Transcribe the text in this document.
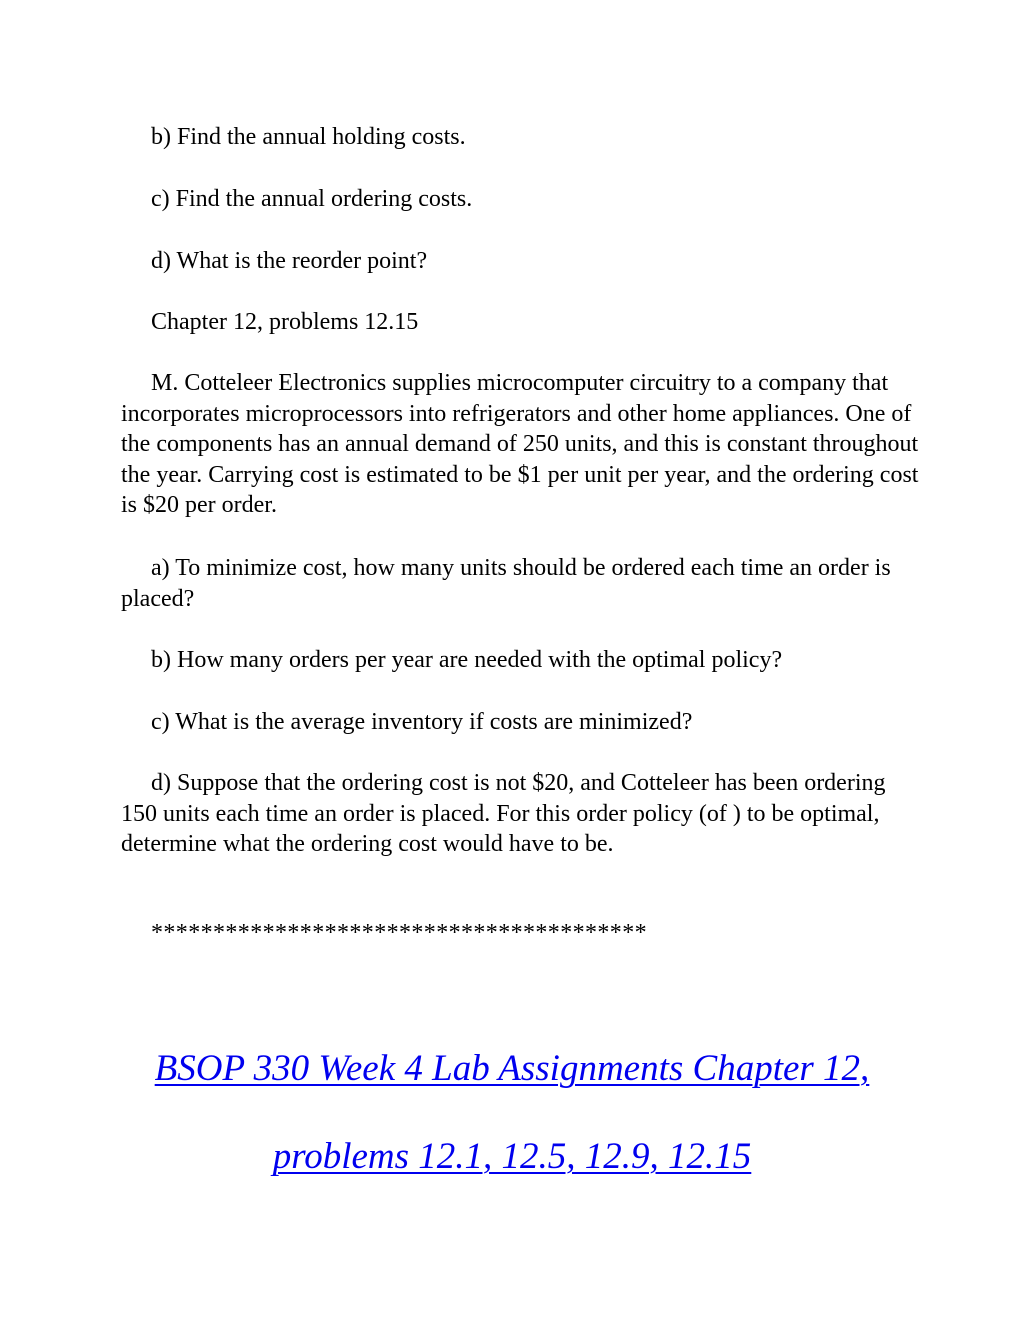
b) Find the annual holding costs.

c) Find the annual ordering costs.

d) What is the reorder point?

Chapter 12, problems 12.15

M. Cotteleer Electronics supplies microcomputer circuitry to a company that incorporates microprocessors into refrigerators and other home appliances. One of the components has an annual demand of 250 units, and this is constant throughout the year. Carrying cost is estimated to be $1 per unit per year, and the ordering cost is $20 per order.

a) To minimize cost, how many units should be ordered each time an order is placed?

b) How many orders per year are needed with the optimal policy?

c) What is the average inventory if costs are minimized?

d) Suppose that the ordering cost is not $20, and Cotteleer has been ordering 150 units each time an order is placed. For this order policy (of ) to be optimal, determine what the ordering cost would have to be.

****************************************

BSOP 330 Week 4 Lab Assignments Chapter 12,

problems 12.1, 12.5, 12.9, 12.15
